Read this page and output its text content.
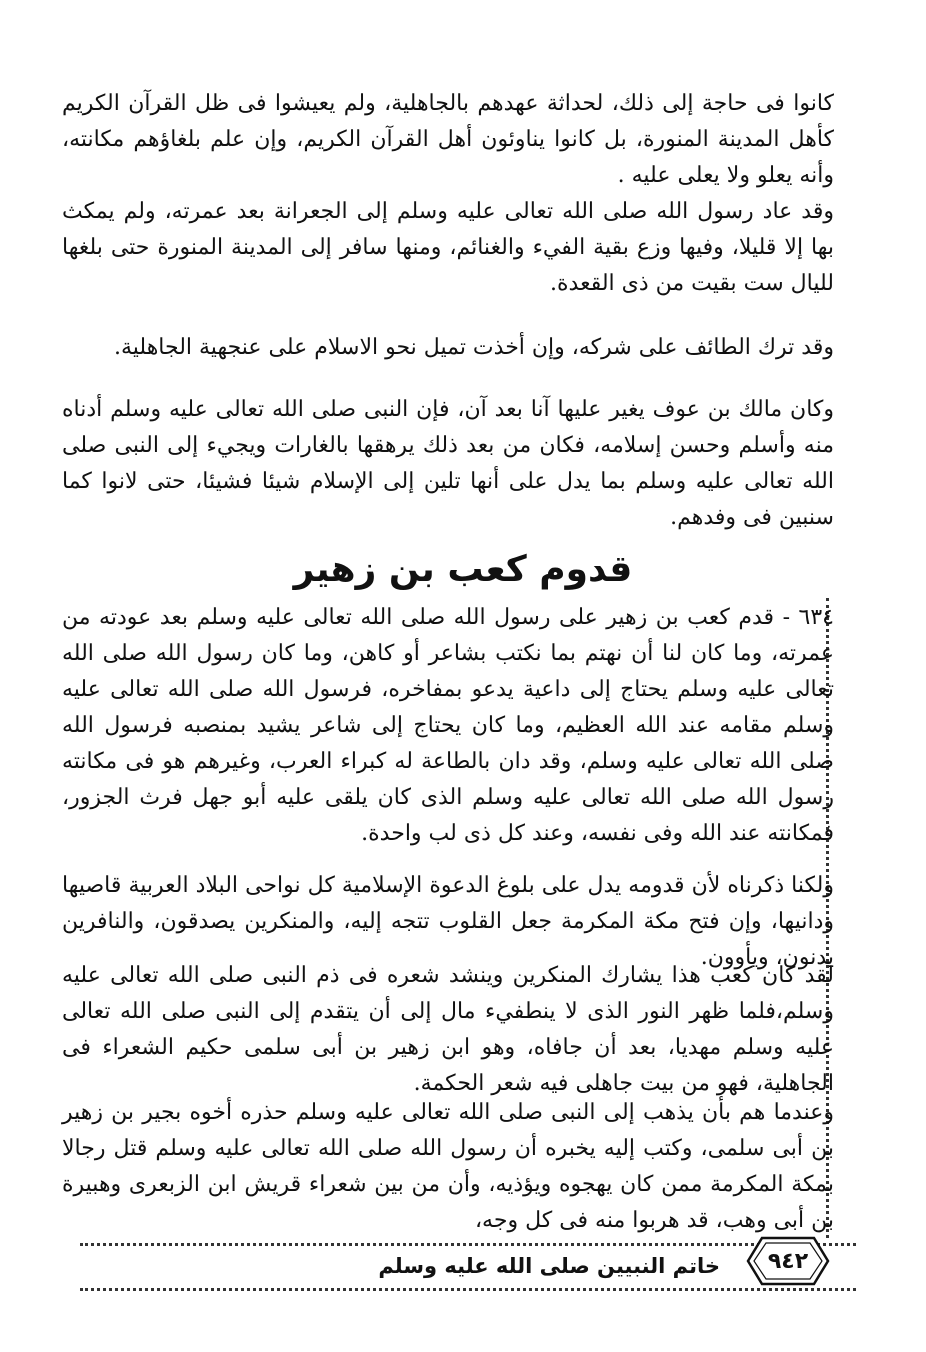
كانوا فى حاجة إلى ذلك، لحداثة عهدهم بالجاهلية، ولم يعيشوا فى ظل القرآن الكريم كأهل المدينة المنورة، بل كانوا يناوئون أهل القرآن الكريم، وإن علم بلغاؤهم مكانته، وأنه يعلو ولا يعلى عليه .

وقد عاد رسول الله صلى الله تعالى عليه وسلم إلى الجعرانة بعد عمرته، ولم يمكث بها إلا قليلا، وفيها وزع بقية الفيء والغنائم، ومنها سافر إلى المدينة المنورة حتى بلغها لليال ست بقيت من ذى القعدة.

وقد ترك الطائف على شركه، وإن أخذت تميل نحو الاسلام على عنجهية الجاهلية.

وكان مالك بن عوف يغير عليها آنا بعد آن، فإن النبى صلى الله تعالى عليه وسلم أدناه منه وأسلم وحسن إسلامه، فكان من بعد ذلك يرهقها بالغارات ويجيء إلى النبى صلى الله تعالى عليه وسلم بما يدل على أنها تلين إلى الإسلام شيئا فشيئا، حتى لانوا كما سنبين فى وفدهم.

قدوم كعب بن زهير

٦٣٤ - قدم كعب بن زهير على رسول الله صلى الله تعالى عليه وسلم بعد عودته من عمرته، وما كان لنا أن نهتم بما نكتب بشاعر أو كاهن، وما كان رسول الله صلى الله تعالى عليه وسلم يحتاج إلى داعية يدعو بمفاخره، فرسول الله صلى الله تعالى عليه وسلم مقامه عند الله العظيم، وما كان يحتاج إلى شاعر يشيد بمنصبه فرسول الله صلى الله تعالى عليه وسلم، وقد دان بالطاعة له كبراء العرب، وغيرهم هو فى مكانته رسول الله صلى الله تعالى عليه وسلم الذى كان يلقى عليه أبو جهل فرث الجزور، فمكانته عند الله وفى نفسه، وعند كل ذى لب واحدة.

ولكنا ذكرناه لأن قدومه يدل على بلوغ الدعوة الإسلامية كل نواحى البلاد العربية قاصيها ودانيها، وإن فتح مكة المكرمة جعل القلوب تتجه إليه، والمنكرين يصدقون، والنافرين يدنون، ويأوون.

لقد كان كعب هذا يشارك المنكرين وينشد شعره فى ذم النبى صلى الله تعالى عليه وسلم،فلما ظهر النور الذى لا ينطفيء مال إلى أن يتقدم إلى النبى صلى الله تعالى عليه وسلم مهديا، بعد أن جافاه، وهو ابن زهير بن أبى سلمى حكيم الشعراء فى الجاهلية، فهو من بيت جاهلى فيه شعر الحكمة.

وعندما هم بأن يذهب إلى النبى صلى الله تعالى عليه وسلم حذره أخوه بجير بن زهير بن أبى سلمى، وكتب إليه يخبره أن رسول الله صلى الله تعالى عليه وسلم قتل رجالا بمكة المكرمة ممن كان يهجوه ويؤذيه، وأن من بين شعراء قريش ابن الزبعرى وهبيرة بن أبى وهب، قد هربوا منه فى كل وجه،

خاتم النبيين صلى الله عليه وسلم	٩٤٢
